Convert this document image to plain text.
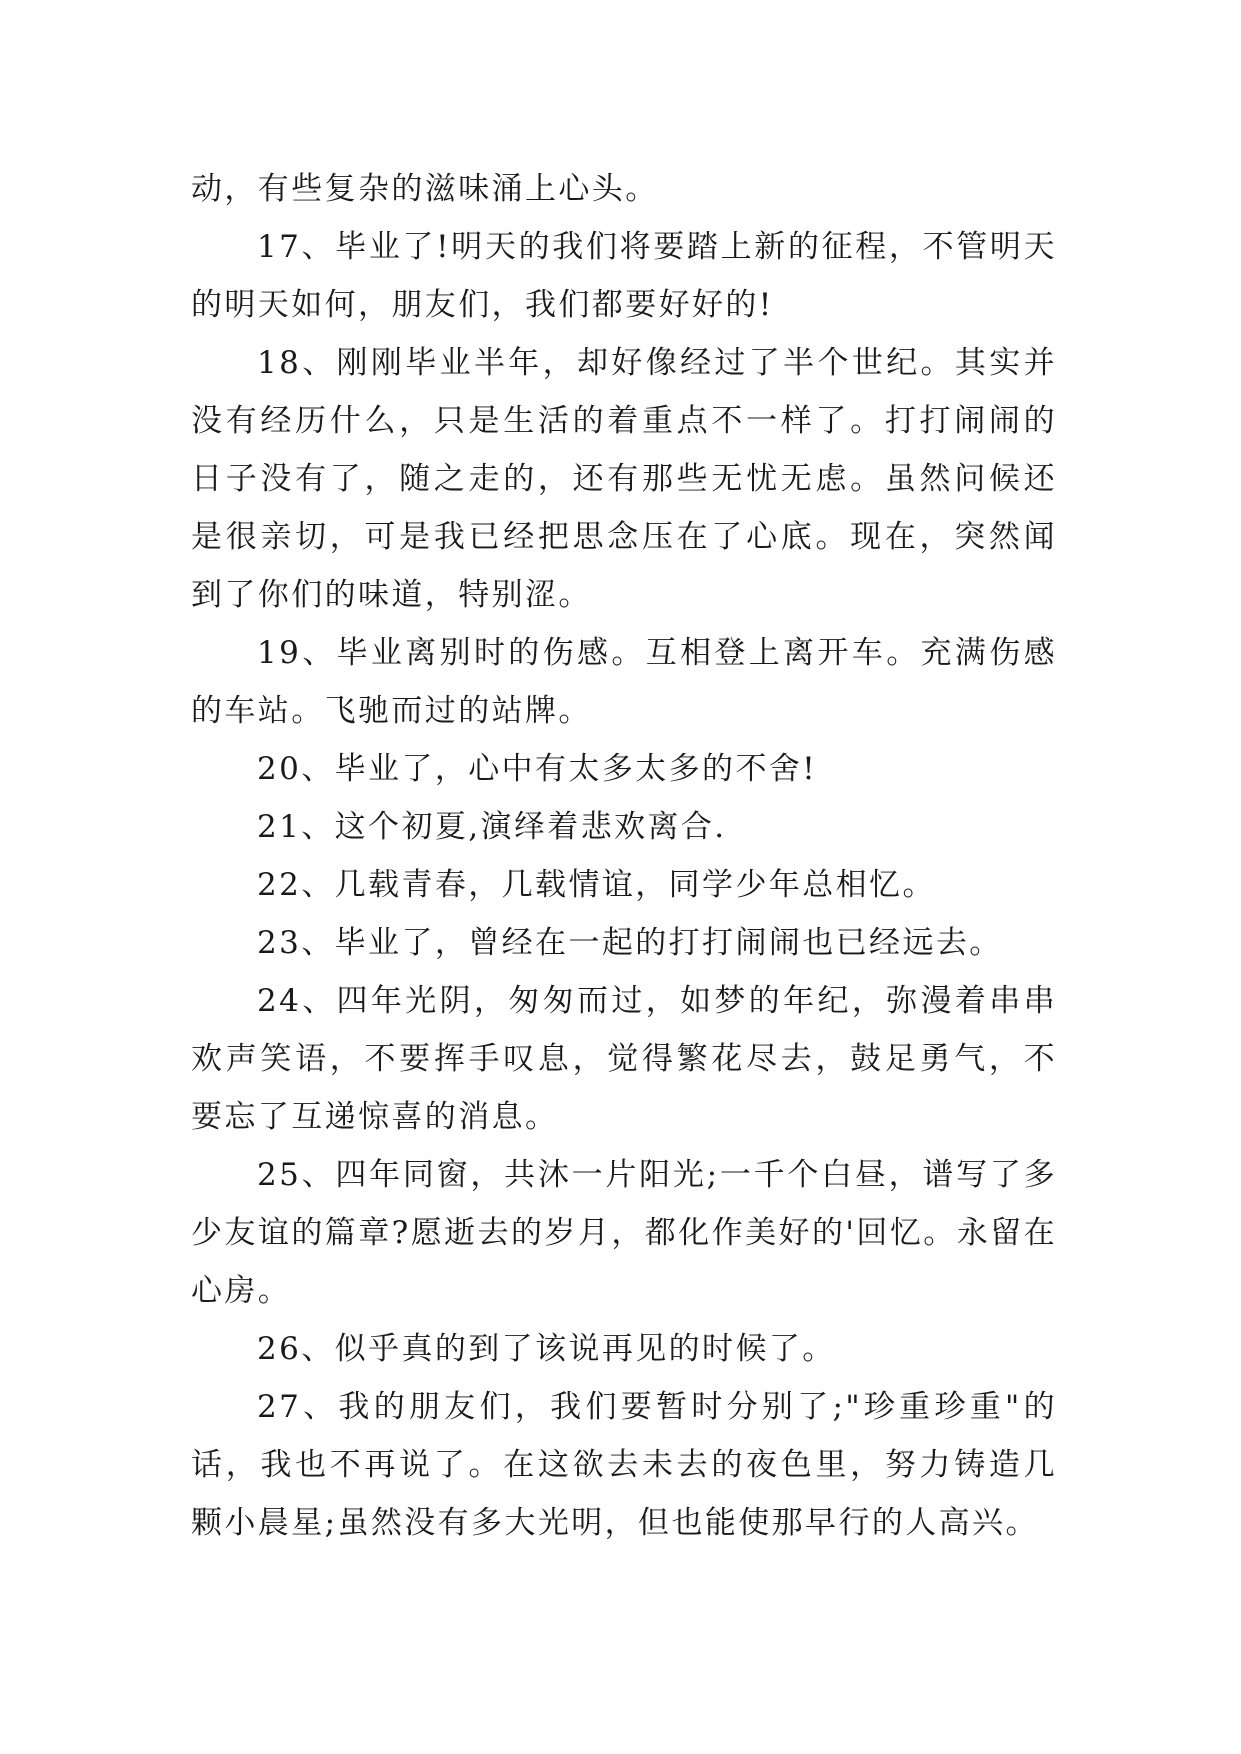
动，有些复杂的滋味涌上心头。

17、毕业了!明天的我们将要踏上新的征程，不管明天的明天如何，朋友们，我们都要好好的!

18、刚刚毕业半年，却好像经过了半个世纪。其实并没有经历什么，只是生活的着重点不一样了。打打闹闹的日子没有了，随之走的，还有那些无忧无虑。虽然问候还是很亲切，可是我已经把思念压在了心底。现在，突然闻到了你们的味道，特别涩。

19、毕业离别时的伤感。互相登上离开车。充满伤感的车站。飞驰而过的站牌。

20、毕业了，心中有太多太多的不舍!

21、这个初夏,演绎着悲欢离合.

22、几载青春，几载情谊，同学少年总相忆。

23、毕业了，曾经在一起的打打闹闹也已经远去。

24、四年光阴，匆匆而过，如梦的年纪，弥漫着串串欢声笑语，不要挥手叹息，觉得繁花尽去，鼓足勇气，不要忘了互递惊喜的消息。

25、四年同窗，共沐一片阳光;一千个白昼，谱写了多少友谊的篇章?愿逝去的岁月，都化作美好的'回忆。永留在心房。

26、似乎真的到了该说再见的时候了。

27、我的朋友们，我们要暂时分别了;"珍重珍重"的话，我也不再说了。在这欲去未去的夜色里，努力铸造几颗小晨星;虽然没有多大光明，但也能使那早行的人高兴。
